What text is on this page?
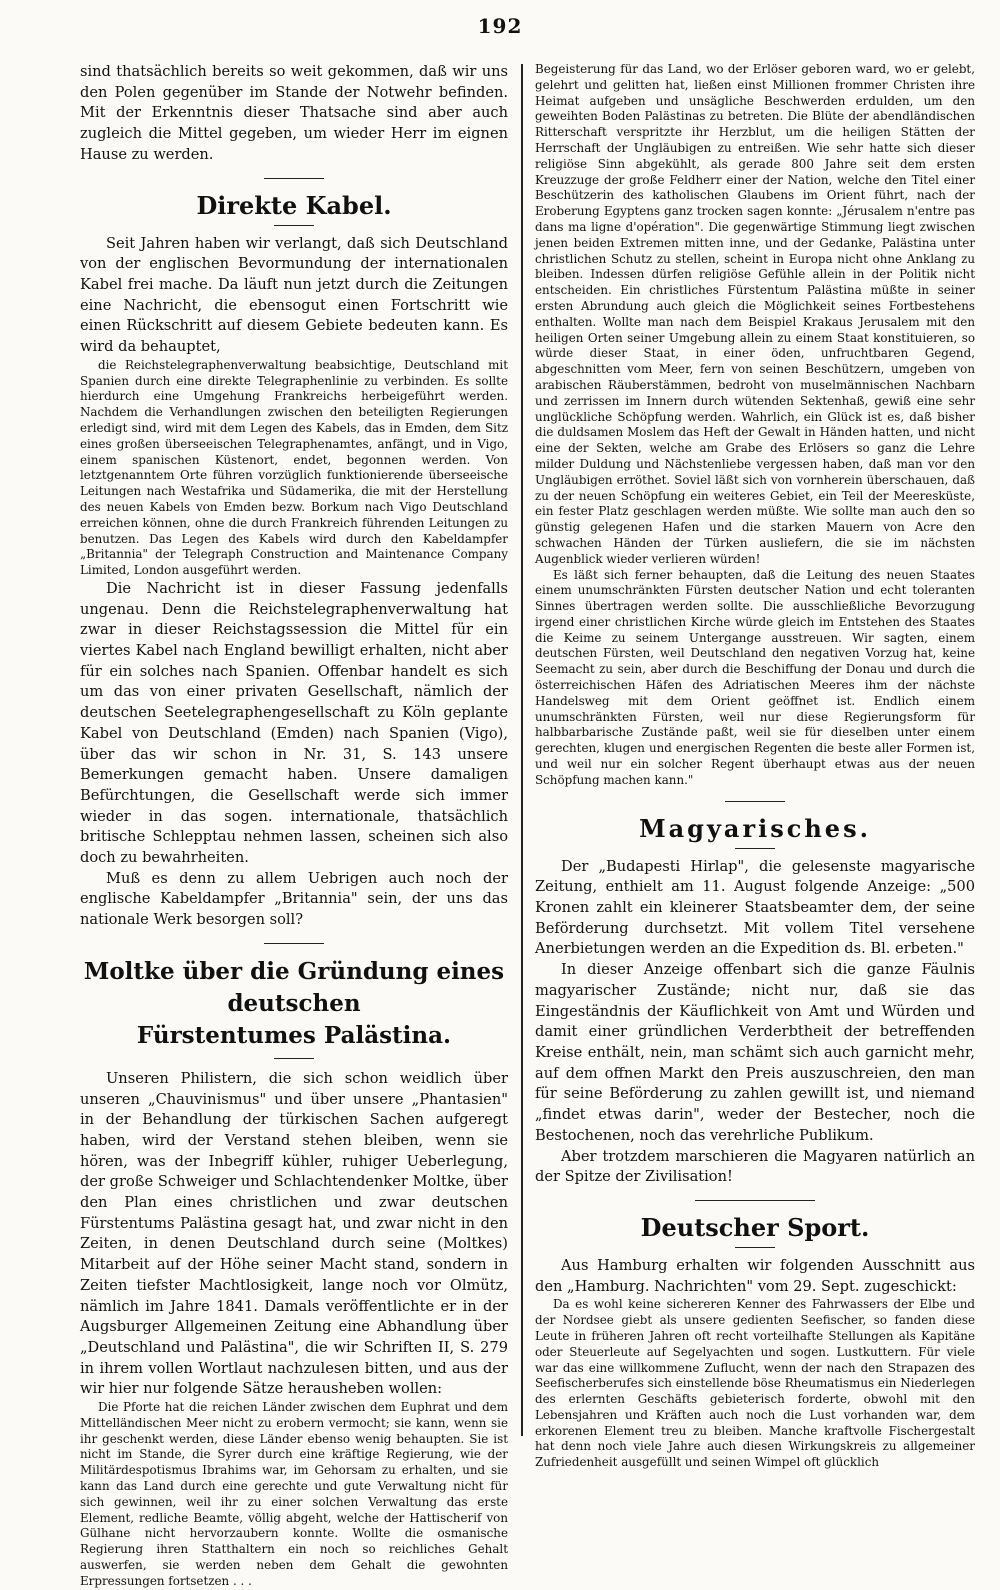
192

sind thatsächlich bereits so weit gekommen, daß wir uns den Polen gegenüber im Stande der Notwehr befinden. Mit der Erkenntnis dieser Thatsache sind aber auch zugleich die Mittel gegeben, um wieder Herr im eignen Hause zu werden.

Direkte Kabel.

Seit Jahren haben wir verlangt, daß sich Deutschland von der englischen Bevormundung der internationalen Kabel frei mache. Da läuft nun jetzt durch die Zeitungen eine Nachricht, die ebensogut einen Fortschritt wie einen Rückschritt auf diesem Gebiete bedeuten kann. Es wird da behauptet,

die Reichstelegraphenverwaltung beabsichtige, Deutschland mit Spanien durch eine direkte Telegraphenlinie zu verbinden. Es sollte hierdurch eine Umgehung Frankreichs herbeigeführt werden. Nachdem die Verhandlungen zwischen den beteiligten Regierungen erledigt sind, wird mit dem Legen des Kabels, das in Emden, dem Sitz eines großen überseeischen Telegraphenamtes, anfängt, und in Vigo, einem spanischen Küstenort, endet, begonnen werden. Von letztgenanntem Orte führen vorzüglich funktionierende überseeische Leitungen nach Westafrika und Südamerika, die mit der Herstellung des neuen Kabels von Emden bezw. Borkum nach Vigo Deutschland erreichen können, ohne die durch Frankreich führenden Leitungen zu benutzen. Das Legen des Kabels wird durch den Kabeldampfer „Britannia" der Telegraph Construction and Maintenance Company Limited, London ausgeführt werden.

Die Nachricht ist in dieser Fassung jedenfalls ungenau. Denn die Reichstelegraphenverwaltung hat zwar in dieser Reichstagssession die Mittel für ein viertes Kabel nach England bewilligt erhalten, nicht aber für ein solches nach Spanien. Offenbar handelt es sich um das von einer privaten Gesellschaft, nämlich der deutschen Seetelegraphengesellschaft zu Köln geplante Kabel von Deutschland (Emden) nach Spanien (Vigo), über das wir schon in Nr. 31, S. 143 unsere Bemerkungen gemacht haben. Unsere damaligen Befürchtungen, die Gesellschaft werde sich immer wieder in das sogen. internationale, thatsächlich britische Schlepptau nehmen lassen, scheinen sich also doch zu bewahrheiten.

Muß es denn zu allem Uebrigen auch noch der englische Kabeldampfer „Britannia" sein, der uns das nationale Werk besorgen soll?

Moltke über die Gründung eines deutschen
Fürstentumes Palästina.

Unseren Philistern, die sich schon weidlich über unseren „Chauvinismus" und über unsere „Phantasien" in der Behandlung der türkischen Sachen aufgeregt haben, wird der Verstand stehen bleiben, wenn sie hören, was der Inbegriff kühler, ruhiger Ueberlegung, der große Schweiger und Schlachtendenker Moltke, über den Plan eines christlichen und zwar deutschen Fürstentums Palästina gesagt hat, und zwar nicht in den Zeiten, in denen Deutschland durch seine (Moltkes) Mitarbeit auf der Höhe seiner Macht stand, sondern in Zeiten tiefster Machtlosigkeit, lange noch vor Olmütz, nämlich im Jahre 1841. Damals veröffentlichte er in der Augsburger Allgemeinen Zeitung eine Abhandlung über „Deutschland und Palästina", die wir Schriften II, S. 279 in ihrem vollen Wortlaut nachzulesen bitten, und aus der wir hier nur folgende Sätze herausheben wollen:

Die Pforte hat die reichen Länder zwischen dem Euphrat und dem Mittelländischen Meer nicht zu erobern vermocht; sie kann, wenn sie ihr geschenkt werden, diese Länder ebenso wenig behaupten. Sie ist nicht im Stande, die Syrer durch eine kräftige Regierung, wie der Militärdespotismus Ibrahims war, im Gehorsam zu erhalten, und sie kann das Land durch eine gerechte und gute Verwaltung nicht für sich gewinnen, weil ihr zu einer solchen Verwaltung das erste Element, redliche Beamte, völlig abgeht, welche der Hattischerif von Gülhane nicht hervorzaubern konnte. Wollte die osmanische Regierung ihren Statthaltern ein noch so reichliches Gehalt auswerfen, sie werden neben dem Gehalt die gewohnten Erpressungen fortsetzen . . .

Begeisterung für das Land, wo der Erlöser geboren ward, wo er gelebt, gelehrt und gelitten hat, ließen einst Millionen frommer Christen ihre Heimat aufgeben und unsägliche Beschwerden erdulden, um den geweihten Boden Palästinas zu betreten. Die Blüte der abendländischen Ritterschaft verspritzte ihr Herzblut, um die heiligen Stätten der Herrschaft der Ungläubigen zu entreißen. Wie sehr hatte sich dieser religiöse Sinn abgekühlt, als gerade 800 Jahre seit dem ersten Kreuzzuge der große Feldherr einer der Nation, welche den Titel einer Beschützerin des katholischen Glaubens im Orient führt, nach der Eroberung Egyptens ganz trocken sagen konnte: „Jérusalem n'entre pas dans ma ligne d'opération". Die gegenwärtige Stimmung liegt zwischen jenen beiden Extremen mitten inne, und der Gedanke, Palästina unter christlichen Schutz zu stellen, scheint in Europa nicht ohne Anklang zu bleiben. Indessen dürfen religiöse Gefühle allein in der Politik nicht entscheiden. Ein christliches Fürstentum Palästina müßte in seiner ersten Abrundung auch gleich die Möglichkeit seines Fortbestehens enthalten. Wollte man nach dem Beispiel Krakaus Jerusalem mit den heiligen Orten seiner Umgebung allein zu einem Staat konstituieren, so würde dieser Staat, in einer öden, unfruchtbaren Gegend, abgeschnitten vom Meer, fern von seinen Beschützern, umgeben von arabischen Räuberstämmen, bedroht von muselmännischen Nachbarn und zerrissen im Innern durch wütenden Sektenhaß, gewiß eine sehr unglückliche Schöpfung werden. Wahrlich, ein Glück ist es, daß bisher die duldsamen Moslem das Heft der Gewalt in Händen hatten, und nicht eine der Sekten, welche am Grabe des Erlösers so ganz die Lehre milder Duldung und Nächstenliebe vergessen haben, daß man vor den Ungläubigen erröthet. Soviel läßt sich von vornherein überschauen, daß zu der neuen Schöpfung ein weiteres Gebiet, ein Teil der Meeresküste, ein fester Platz geschlagen werden müßte. Wie sollte man auch den so günstig gelegenen Hafen und die starken Mauern von Acre den schwachen Händen der Türken ausliefern, die sie im nächsten Augenblick wieder verlieren würden!

Es läßt sich ferner behaupten, daß die Leitung des neuen Staates einem unumschränkten Fürsten deutscher Nation und echt toleranten Sinnes übertragen werden sollte. Die ausschließliche Bevorzugung irgend einer christlichen Kirche würde gleich im Entstehen des Staates die Keime zu seinem Untergange ausstreuen. Wir sagten, einem deutschen Fürsten, weil Deutschland den negativen Vorzug hat, keine Seemacht zu sein, aber durch die Beschiffung der Donau und durch die österreichischen Häfen des Adriatischen Meeres ihm der nächste Handelsweg mit dem Orient geöffnet ist. Endlich einem unumschränkten Fürsten, weil nur diese Regierungsform für halbbarbarische Zustände paßt, weil sie für dieselben unter einem gerechten, klugen und energischen Regenten die beste aller Formen ist, und weil nur ein solcher Regent überhaupt etwas aus der neuen Schöpfung machen kann."

Magyarisches.

Der „Budapesti Hirlap", die gelesenste magyarische Zeitung, enthielt am 11. August folgende Anzeige: „500 Kronen zahlt ein kleinerer Staatsbeamter dem, der seine Beförderung durchsetzt. Mit vollem Titel versehene Anerbietungen werden an die Expedition ds. Bl. erbeten."

In dieser Anzeige offenbart sich die ganze Fäulnis magyarischer Zustände; nicht nur, daß sie das Eingeständnis der Käuflichkeit von Amt und Würden und damit einer gründlichen Verderbtheit der betreffenden Kreise enthält, nein, man schämt sich auch garnicht mehr, auf dem offnen Markt den Preis auszuschreien, den man für seine Beförderung zu zahlen gewillt ist, und niemand „findet etwas darin", weder der Bestecher, noch die Bestochenen, noch das verehrliche Publikum.

Aber trotzdem marschieren die Magyaren natürlich an der Spitze der Zivilisation!

Deutscher Sport.

Aus Hamburg erhalten wir folgenden Ausschnitt aus den „Hamburg. Nachrichten" vom 29. Sept. zugeschickt:

Da es wohl keine sichereren Kenner des Fahrwassers der Elbe und der Nordsee giebt als unsere gedienten Seefischer, so fanden diese Leute in früheren Jahren oft recht vorteilhafte Stellungen als Kapitäne oder Steuerleute auf Segelyachten und sogen. Lustkuttern. Für viele war das eine willkommene Zuflucht, wenn der nach den Strapazen des Seefischerberufes sich einstellende böse Rheumatismus ein Niederlegen des erlernten Geschäfts gebieterisch forderte, obwohl mit den Lebensjahren und Kräften auch noch die Lust vorhanden war, dem erkorenen Element treu zu bleiben. Manche kraftvolle Fischergestalt hat denn noch viele Jahre auch diesen Wirkungskreis zu allgemeiner Zufriedenheit ausgefüllt und seinen Wimpel oft glücklich
